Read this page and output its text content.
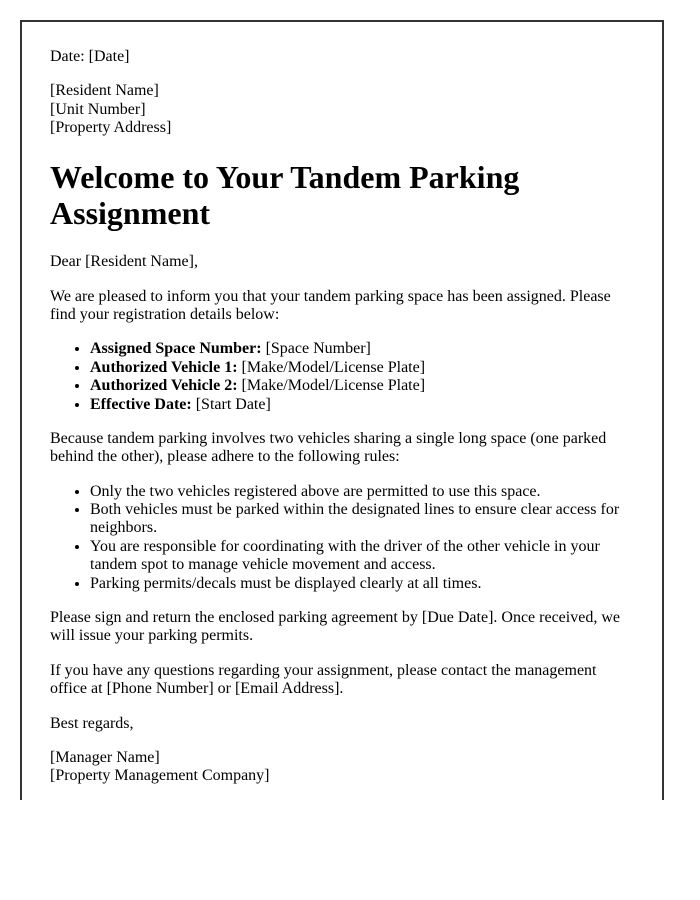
Date: [Date]

[Resident Name]
[Unit Number]
[Property Address]

Welcome to Your Tandem Parking Assignment

Dear [Resident Name],

We are pleased to inform you that your tandem parking space has been assigned. Please find your registration details below:

• Assigned Space Number: [Space Number]
• Authorized Vehicle 1: [Make/Model/License Plate]
• Authorized Vehicle 2: [Make/Model/License Plate]
• Effective Date: [Start Date]

Because tandem parking involves two vehicles sharing a single long space (one parked behind the other), please adhere to the following rules:

• Only the two vehicles registered above are permitted to use this space.
• Both vehicles must be parked within the designated lines to ensure clear access for neighbors.
• You are responsible for coordinating with the driver of the other vehicle in your tandem spot to manage vehicle movement and access.
• Parking permits/decals must be displayed clearly at all times.

Please sign and return the enclosed parking agreement by [Due Date]. Once received, we will issue your parking permits.

If you have any questions regarding your assignment, please contact the management office at [Phone Number] or [Email Address].

Best regards,

[Manager Name]
[Property Management Company]
